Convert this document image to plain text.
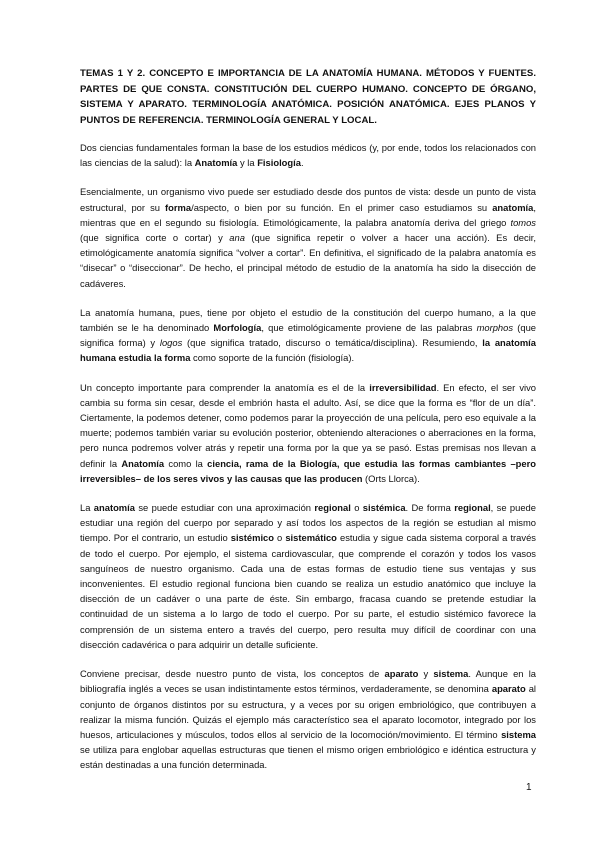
TEMAS 1 Y 2. CONCEPTO E IMPORTANCIA DE LA ANATOMÍA HUMANA. MÉTODOS Y FUENTES. PARTES DE QUE CONSTA. CONSTITUCIÓN DEL CUERPO HUMANO. CONCEPTO DE ÓRGANO, SISTEMA Y APARATO. TERMINOLOGÍA ANATÓMICA. POSICIÓN ANATÓMICA. EJES PLANOS Y PUNTOS DE REFERENCIA. TERMINOLOGÍA GENERAL Y LOCAL.

Dos ciencias fundamentales forman la base de los estudios médicos (y, por ende, todos los relacionados con las ciencias de la salud): la Anatomía y la Fisiología.

Esencialmente, un organismo vivo puede ser estudiado desde dos puntos de vista: desde un punto de vista estructural, por su forma/aspecto, o bien por su función. En el primer caso estudiamos su anatomía, mientras que en el segundo su fisiología. Etimológicamente, la palabra anatomía deriva del griego tomos (que significa corte o cortar) y ana (que significa repetir o volver a hacer una acción). Es decir, etimológicamente anatomía significa “volver a cortar”. En definitiva, el significado de la palabra anatomía es “disecar” o “diseccionar”. De hecho, el principal método de estudio de la anatomía ha sido la disección de cadáveres.

La anatomía humana, pues, tiene por objeto el estudio de la constitución del cuerpo humano, a la que también se le ha denominado Morfología, que etimológicamente proviene de las palabras morphos (que significa forma) y logos (que significa tratado, discurso o temática/disciplina). Resumiendo, la anatomía humana estudia la forma como soporte de la función (fisiología).

Un concepto importante para comprender la anatomía es el de la irreversibilidad. En efecto, el ser vivo cambia su forma sin cesar, desde el embrión hasta el adulto. Así, se dice que la forma es “flor de un día”. Ciertamente, la podemos detener, como podemos parar la proyección de una película, pero eso equivale a la muerte; podemos también variar su evolución posterior, obteniendo alteraciones o aberraciones en la forma, pero nunca podremos volver atrás y repetir una forma por la que ya se pasó. Estas premisas nos llevan a definir la Anatomía como la ciencia, rama de la Biología, que estudia las formas cambiantes –pero irreversibles– de los seres vivos y las causas que las producen (Orts Llorca).

La anatomía se puede estudiar con una aproximación regional o sistémica. De forma regional, se puede estudiar una región del cuerpo por separado y así todos los aspectos de la región se estudian al mismo tiempo. Por el contrario, un estudio sistémico o sistemático estudia y sigue cada sistema corporal a través de todo el cuerpo. Por ejemplo, el sistema cardiovascular, que comprende el corazón y todos los vasos sanguíneos de nuestro organismo. Cada una de estas formas de estudio tiene sus ventajas y sus inconvenientes. El estudio regional funciona bien cuando se realiza un estudio anatómico que incluye la disección de un cadáver o una parte de éste. Sin embargo, fracasa cuando se pretende estudiar la continuidad de un sistema a lo largo de todo el cuerpo. Por su parte, el estudio sistémico favorece la comprensión de un sistema entero a través del cuerpo, pero resulta muy difícil de coordinar con una disección cadavérica o para adquirir un detalle suficiente.

Conviene precisar, desde nuestro punto de vista, los conceptos de aparato y sistema. Aunque en la bibliografía inglés a veces se usan indistintamente estos términos, verdaderamente, se denomina aparato al conjunto de órganos distintos por su estructura, y a veces por su origen embriológico, que contribuyen a realizar la misma función. Quizás el ejemplo más característico sea el aparato locomotor, integrado por los huesos, articulaciones y músculos, todos ellos al servicio de la locomoción/movimiento. El término sistema se utiliza para englobar aquellas estructuras que tienen el mismo origen embriológico e idéntica estructura y están destinadas a una función determinada.

1
